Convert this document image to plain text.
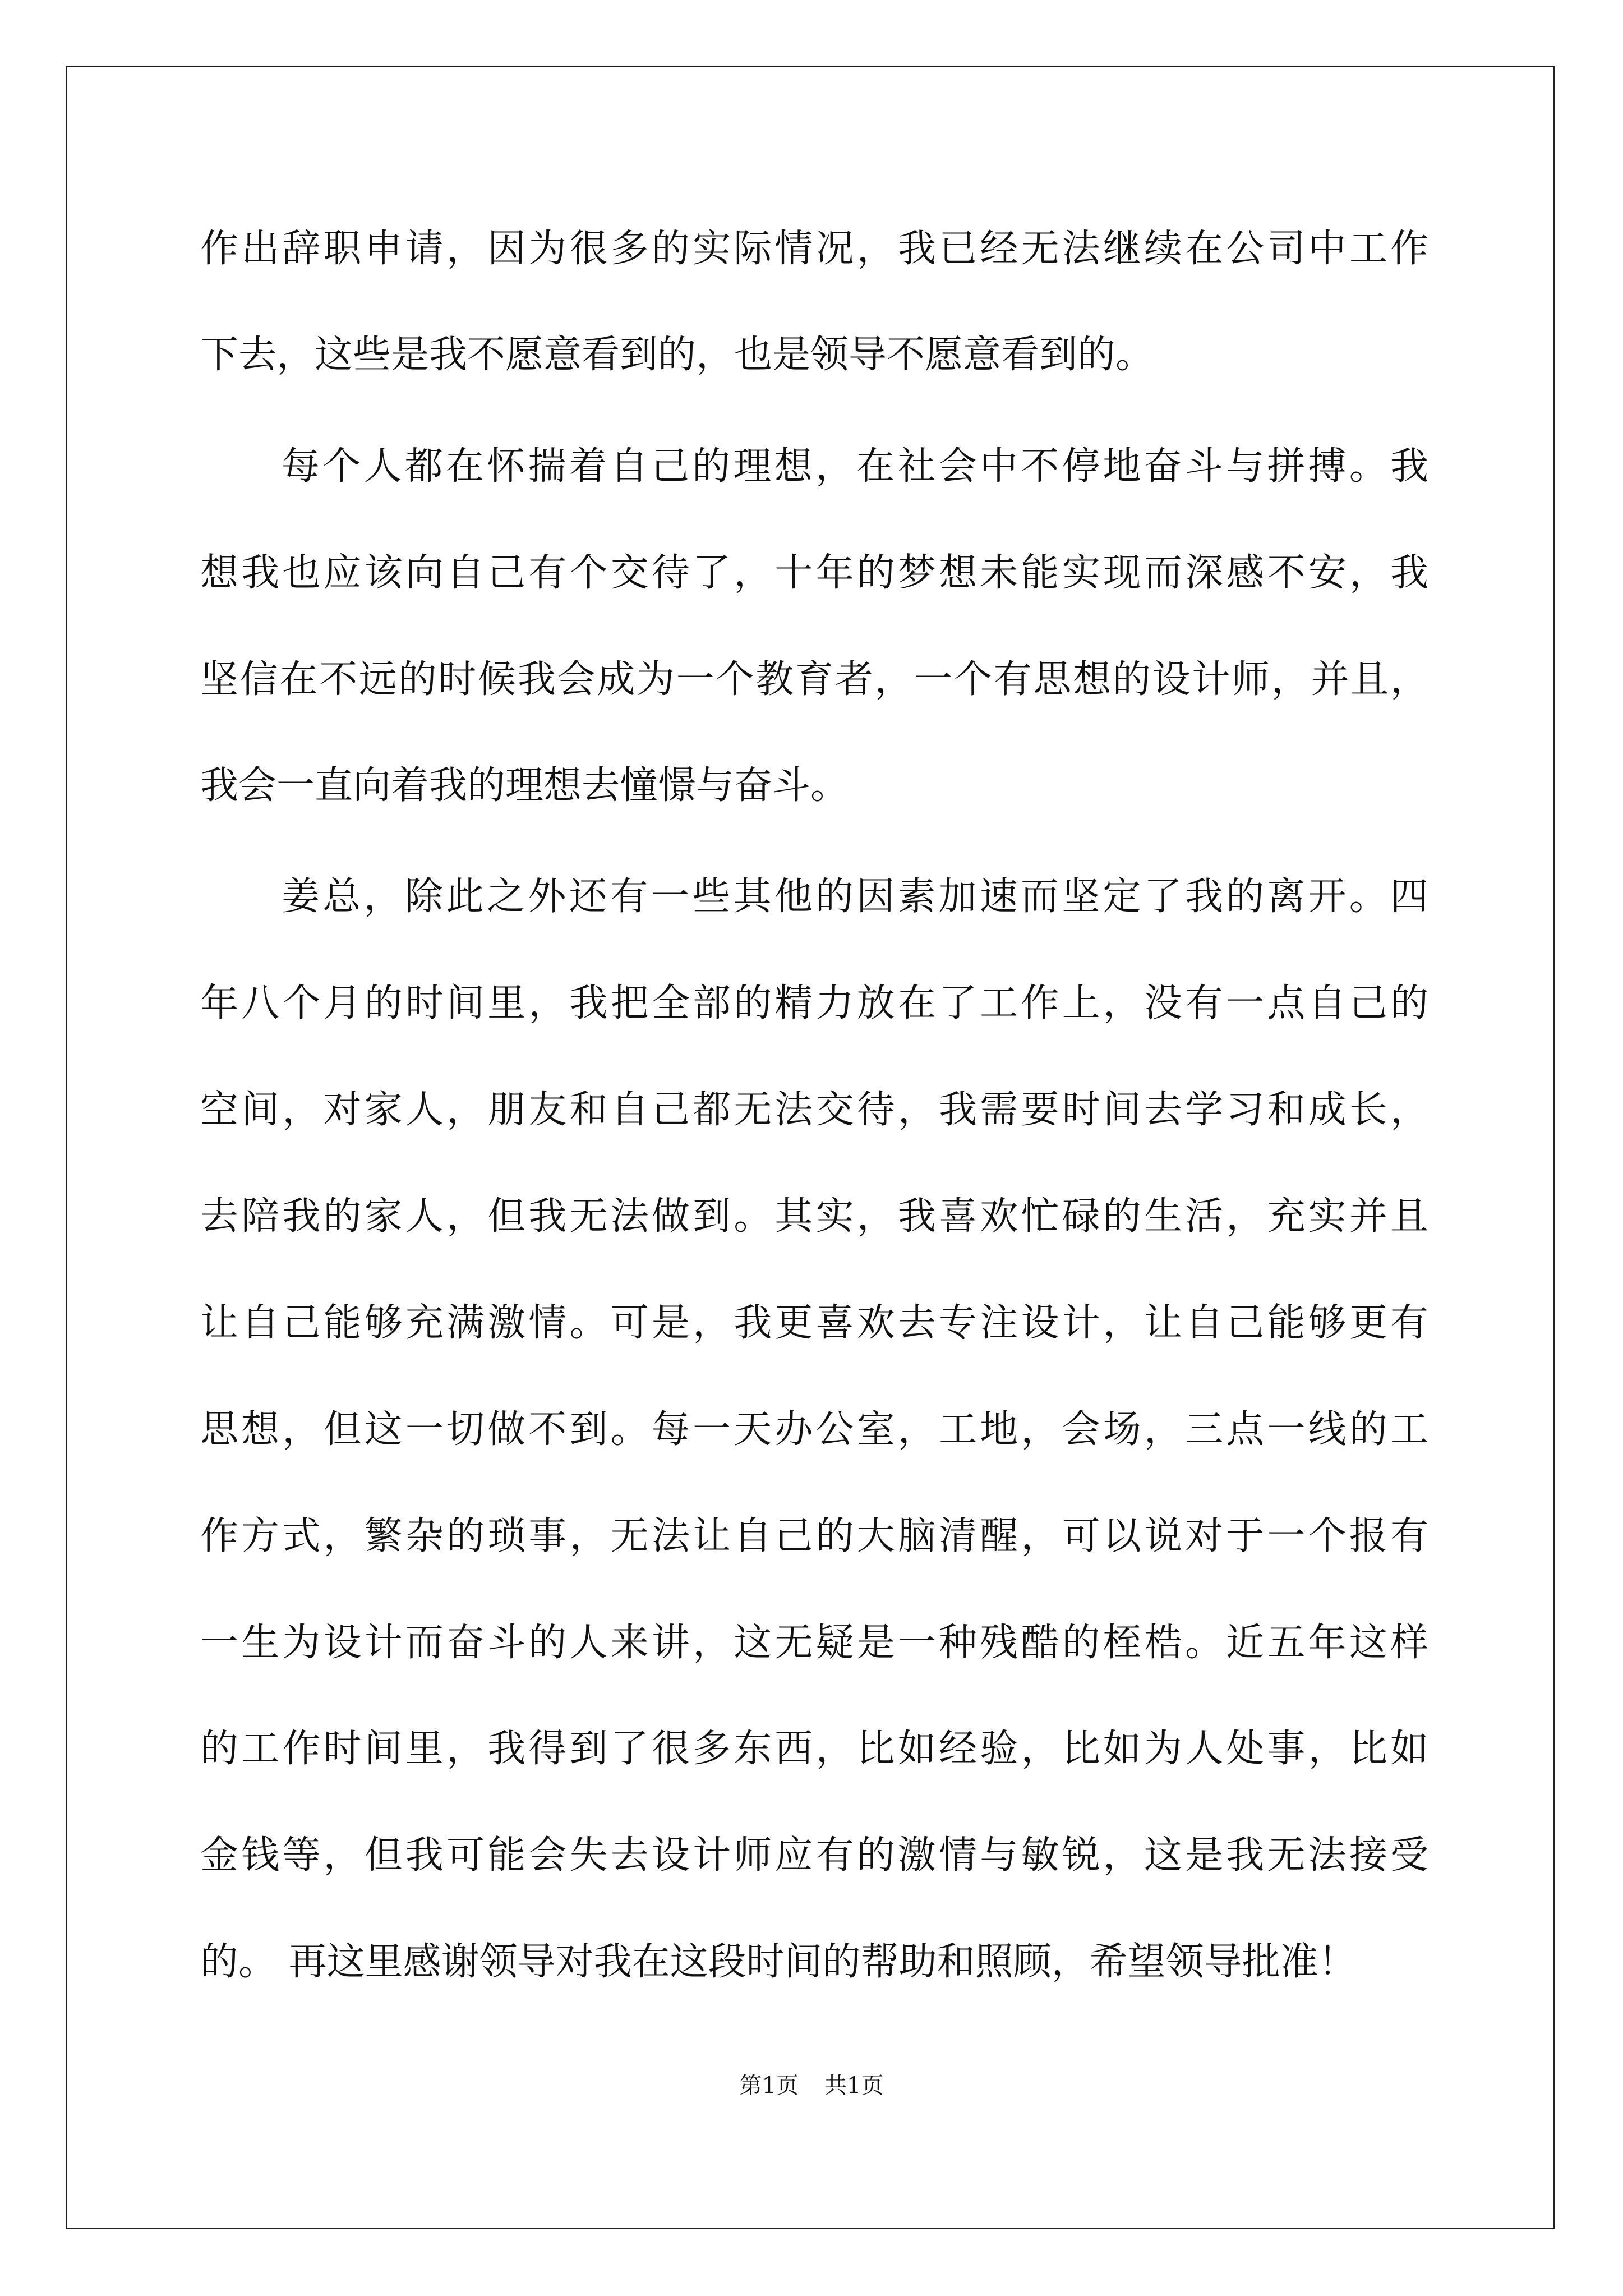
作出辞职申请，因为很多的实际情况，我已经无法继续在公司中工作
下去，这些是我不愿意看到的，也是领导不愿意看到的。
每个人都在怀揣着自己的理想，在社会中不停地奋斗与拼搏。我
想我也应该向自己有个交待了，十年的梦想未能实现而深感不安，我
坚信在不远的时候我会成为一个教育者，一个有思想的设计师，并且，
我会一直向着我的理想去憧憬与奋斗。
姜总，除此之外还有一些其他的因素加速而坚定了我的离开。四
年八个月的时间里，我把全部的精力放在了工作上，没有一点自己的
空间，对家人，朋友和自己都无法交待，我需要时间去学习和成长，
去陪我的家人，但我无法做到。其实，我喜欢忙碌的生活，充实并且
让自己能够充满激情。可是，我更喜欢去专注设计，让自己能够更有
思想，但这一切做不到。每一天办公室，工地，会场，三点一线的工
作方式，繁杂的琐事，无法让自己的大脑清醒，可以说对于一个报有
一生为设计而奋斗的人来讲，这无疑是一种残酷的桎梏。近五年这样
的工作时间里，我得到了很多东西，比如经验，比如为人处事，比如
金钱等，但我可能会失去设计师应有的激情与敏锐，这是我无法接受
的。 再这里感谢领导对我在这段时间的帮助和照顾，希望领导批准！
第1页 共1页
